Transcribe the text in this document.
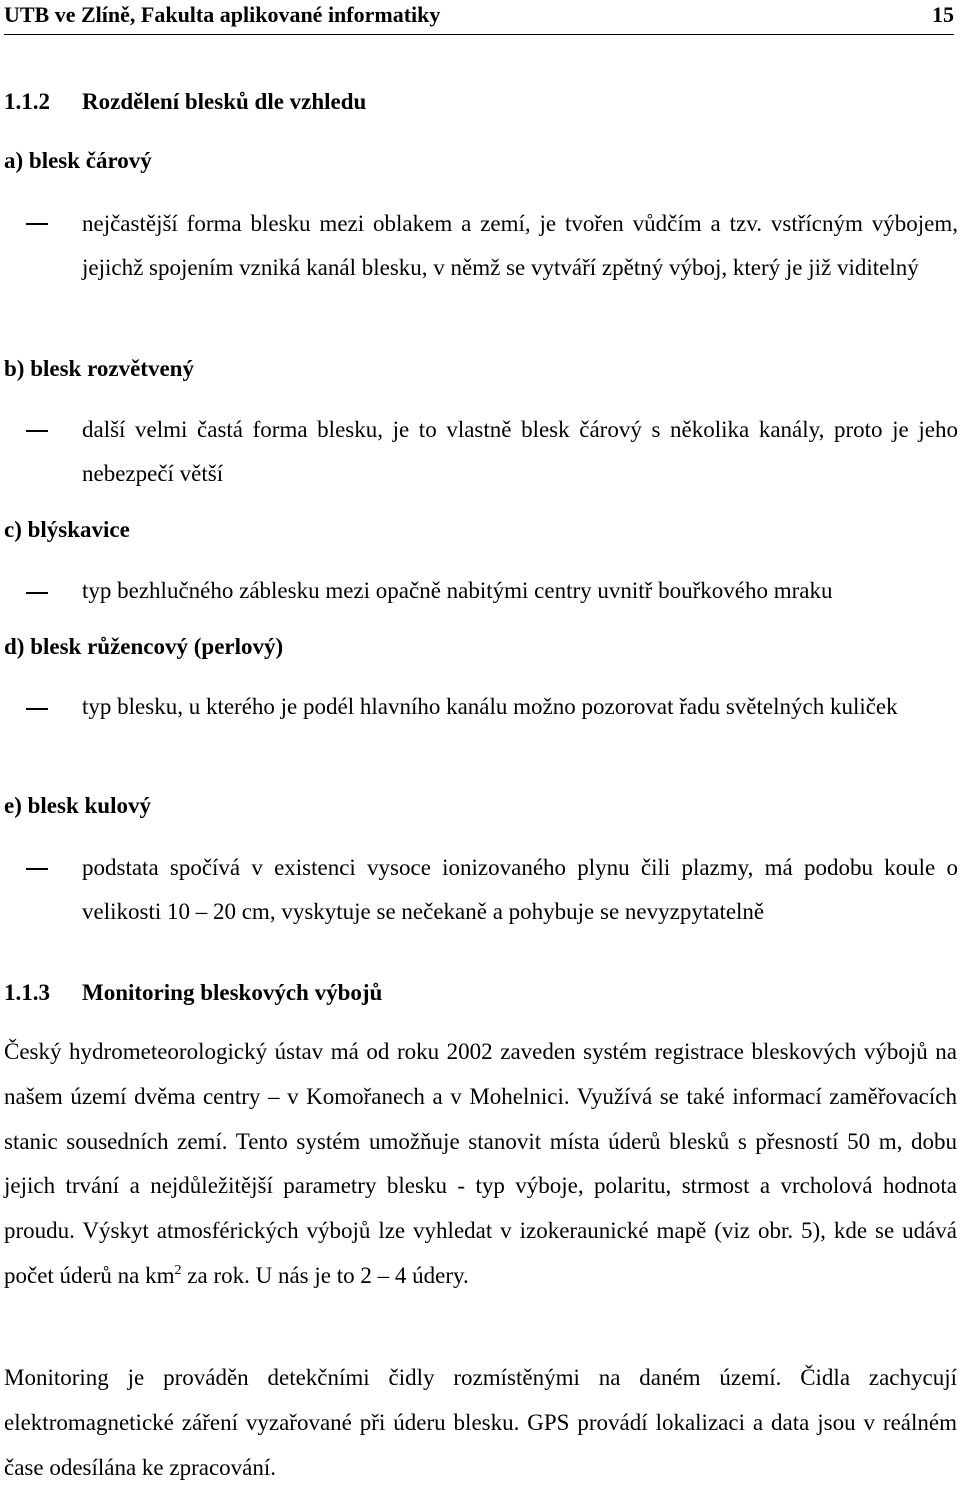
UTB ve Zlíně, Fakulta aplikované informatiky	15
1.1.2 Rozdělení blesků dle vzhledu
a) blesk čárový
nejčastější forma blesku mezi oblakem a zemí, je tvořen vůdčím a tzv. vstřícným výbojem, jejichž spojením vzniká kanál blesku, v němž se vytváří zpětný výboj, který je již viditelný
b) blesk rozvětvený
další velmi častá forma blesku, je to vlastně blesk čárový s několika kanály, proto je jeho nebezpečí větší
c) blýskavice
typ bezhlučného záblesku mezi opačně nabitými centry uvnitř bouřkového mraku
d) blesk růžencový (perlový)
typ blesku, u kterého je podél hlavního kanálu možno pozorovat řadu světelných kuliček
e) blesk kulový
podstata spočívá v existenci vysoce ionizovaného plynu čili plazmy, má podobu koule o velikosti 10 – 20 cm, vyskytuje se nečekaně a pohybuje se nevyzpytatelně
1.1.3 Monitoring bleskových výbojů
Český hydrometeorologický ústav má od roku 2002 zaveden systém registrace bleskových výbojů na našem území dvěma centry – v Komořanech a v Mohelnici. Využívá se také informací zaměřovacích stanic sousedních zemí. Tento systém umožňuje stanovit místa úderů blesků s přesností 50 m, dobu jejich trvání a nejdůležitější parametry blesku - typ výboje, polaritu, strmost a vrcholová hodnota proudu. Výskyt atmosférických výbojů lze vyhledat v izokeraunické mapě (viz obr. 5), kde se udává počet úderů na $km^2$ za rok. U nás je to 2 – 4 údery.
Monitoring je prováděn detekčními čidly rozmístěnými na daném území. Čidla zachycují elektromagnetické záření vyzařované při úderu blesku. GPS provádí lokalizaci a data jsou v reálném čase odesílána ke zpracování.
